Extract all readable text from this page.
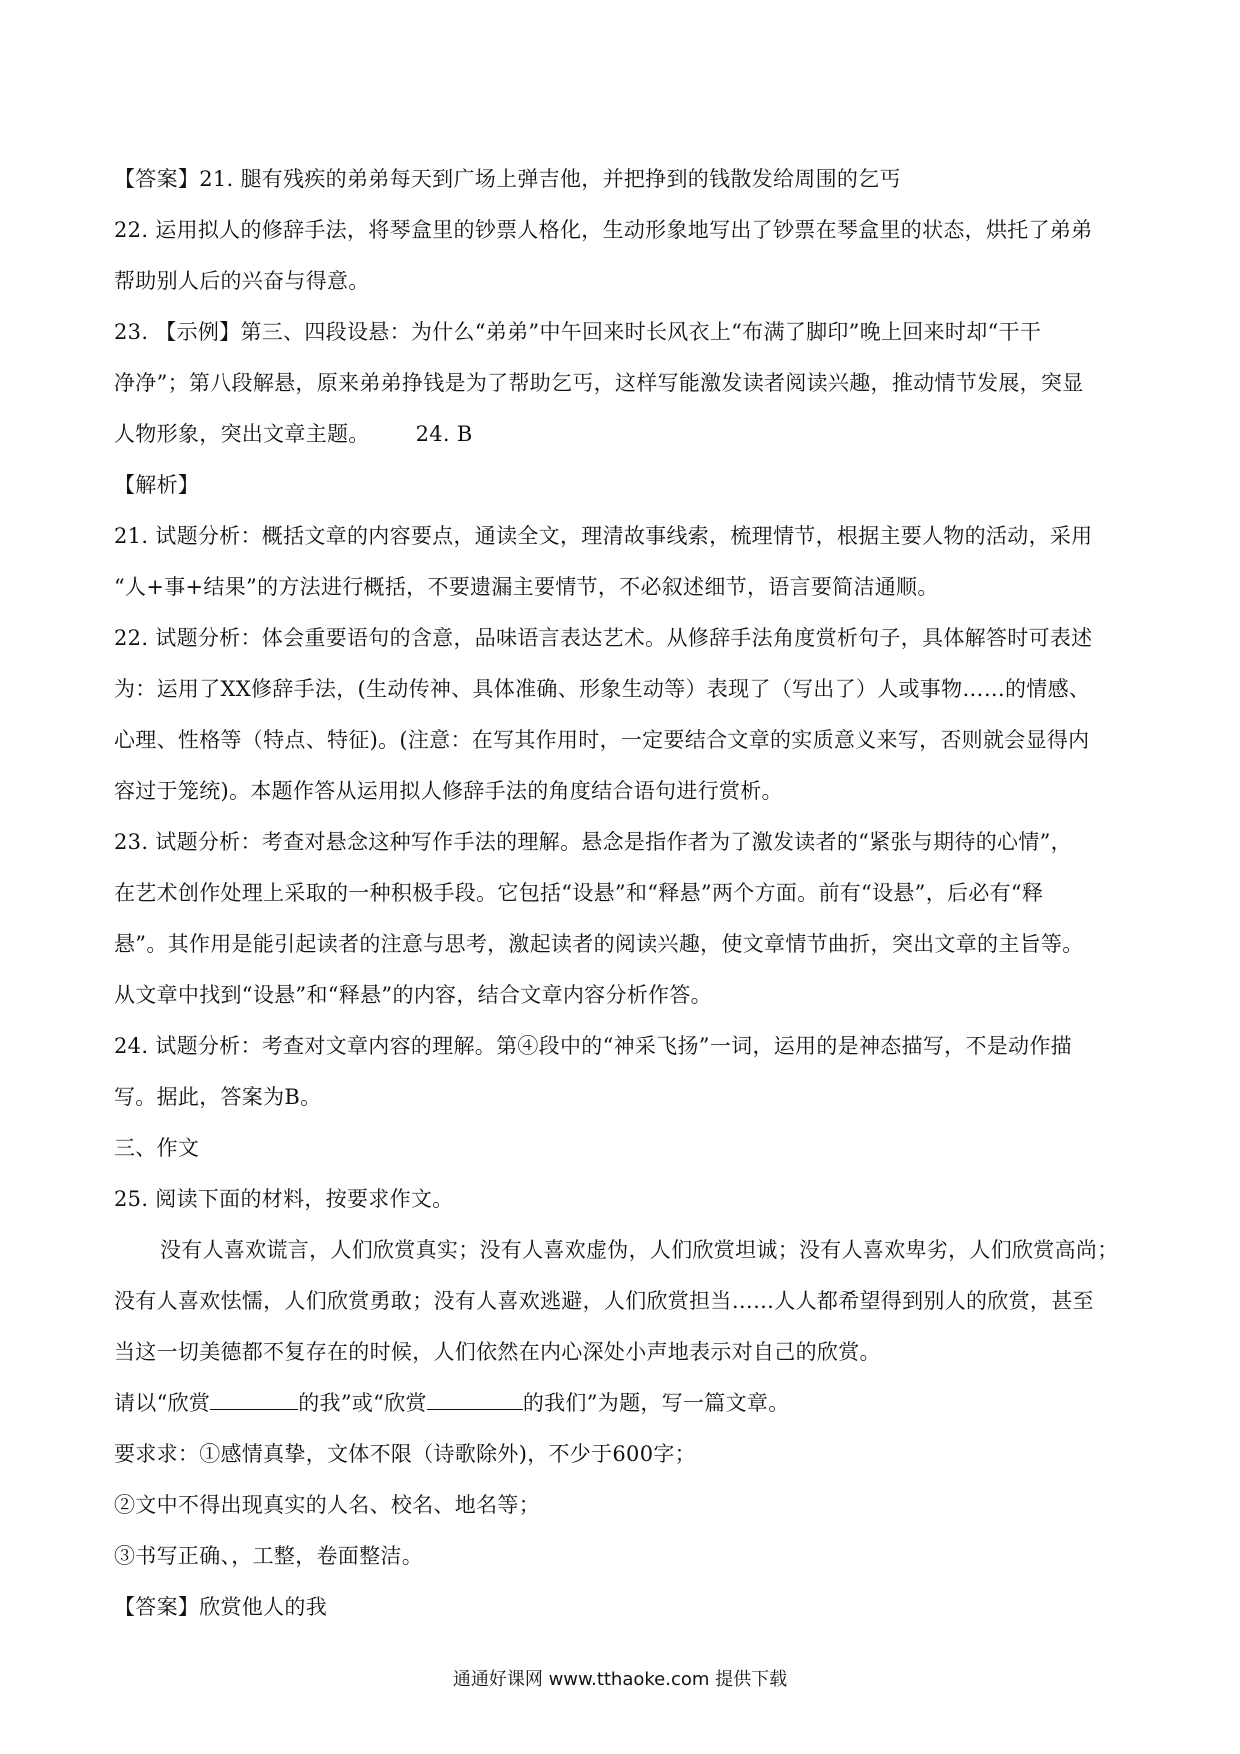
【答案】21. 腿有残疾的弟弟每天到广场上弹吉他，并把挣到的钱散发给周围的乞丐
22. 运用拟人的修辞手法，将琴盒里的钞票人格化，生动形象地写出了钞票在琴盒里的状态，烘托了弟弟
帮助别人后的兴奋与得意。
23. 【示例】第三、四段设悬：为什么“弟弟”中午回来时长风衣上“布满了脚印”晚上回来时却“干干
净净”；第八段解悬，原来弟弟挣钱是为了帮助乞丐，这样写能激发读者阅读兴趣，推动情节发展，突显
人物形象，突出文章主题。 24. B
【解析】
21. 试题分析：概括文章的内容要点，通读全文，理清故事线索，梳理情节，根据主要人物的活动，采用
“人+事+结果”的方法进行概括，不要遗漏主要情节，不必叙述细节，语言要简洁通顺。
22. 试题分析：体会重要语句的含意，品味语言表达艺术。从修辞手法角度赏析句子，具体解答时可表述
为：运用了XX修辞手法，(生动传神、具体准确、形象生动等）表现了（写出了）人或事物……的情感、
心理、性格等（特点、特征)。(注意：在写其作用时，一定要结合文章的实质意义来写，否则就会显得内
容过于笼统)。本题作答从运用拟人修辞手法的角度结合语句进行赏析。
23. 试题分析：考查对悬念这种写作手法的理解。悬念是指作者为了激发读者的“紧张与期待的心情”，
在艺术创作处理上采取的一种积极手段。它包括“设悬”和“释悬”两个方面。前有“设悬”，后必有“释
悬”。其作用是能引起读者的注意与思考，激起读者的阅读兴趣，使文章情节曲折，突出文章的主旨等。
从文章中找到“设悬”和“释悬”的内容，结合文章内容分析作答。
24. 试题分析：考查对文章内容的理解。第④段中的“神采飞扬”一词，运用的是神态描写，不是动作描
写。据此，答案为B。
三、作文
25. 阅读下面的材料，按要求作文。
没有人喜欢谎言，人们欣赏真实；没有人喜欢虚伪，人们欣赏坦诚；没有人喜欢卑劣，人们欣赏高尚；
没有人喜欢怯懦，人们欣赏勇敢；没有人喜欢逃避，人们欣赏担当……人人都希望得到别人的欣赏，甚至
当这一切美德都不复存在的时候，人们依然在内心深处小声地表示对自己的欣赏。
请以“欣赏	的我”或“欣赏	的我们”为题，写一篇文章。
要求求：①感情真挚，文体不限（诗歌除外)，不少于600字；
②文中不得出现真实的人名、校名、地名等；
③书写正确、，工整，卷面整洁。
【答案】欣赏他人的我
通通好课网 www.tthaoke.com 提供下载
